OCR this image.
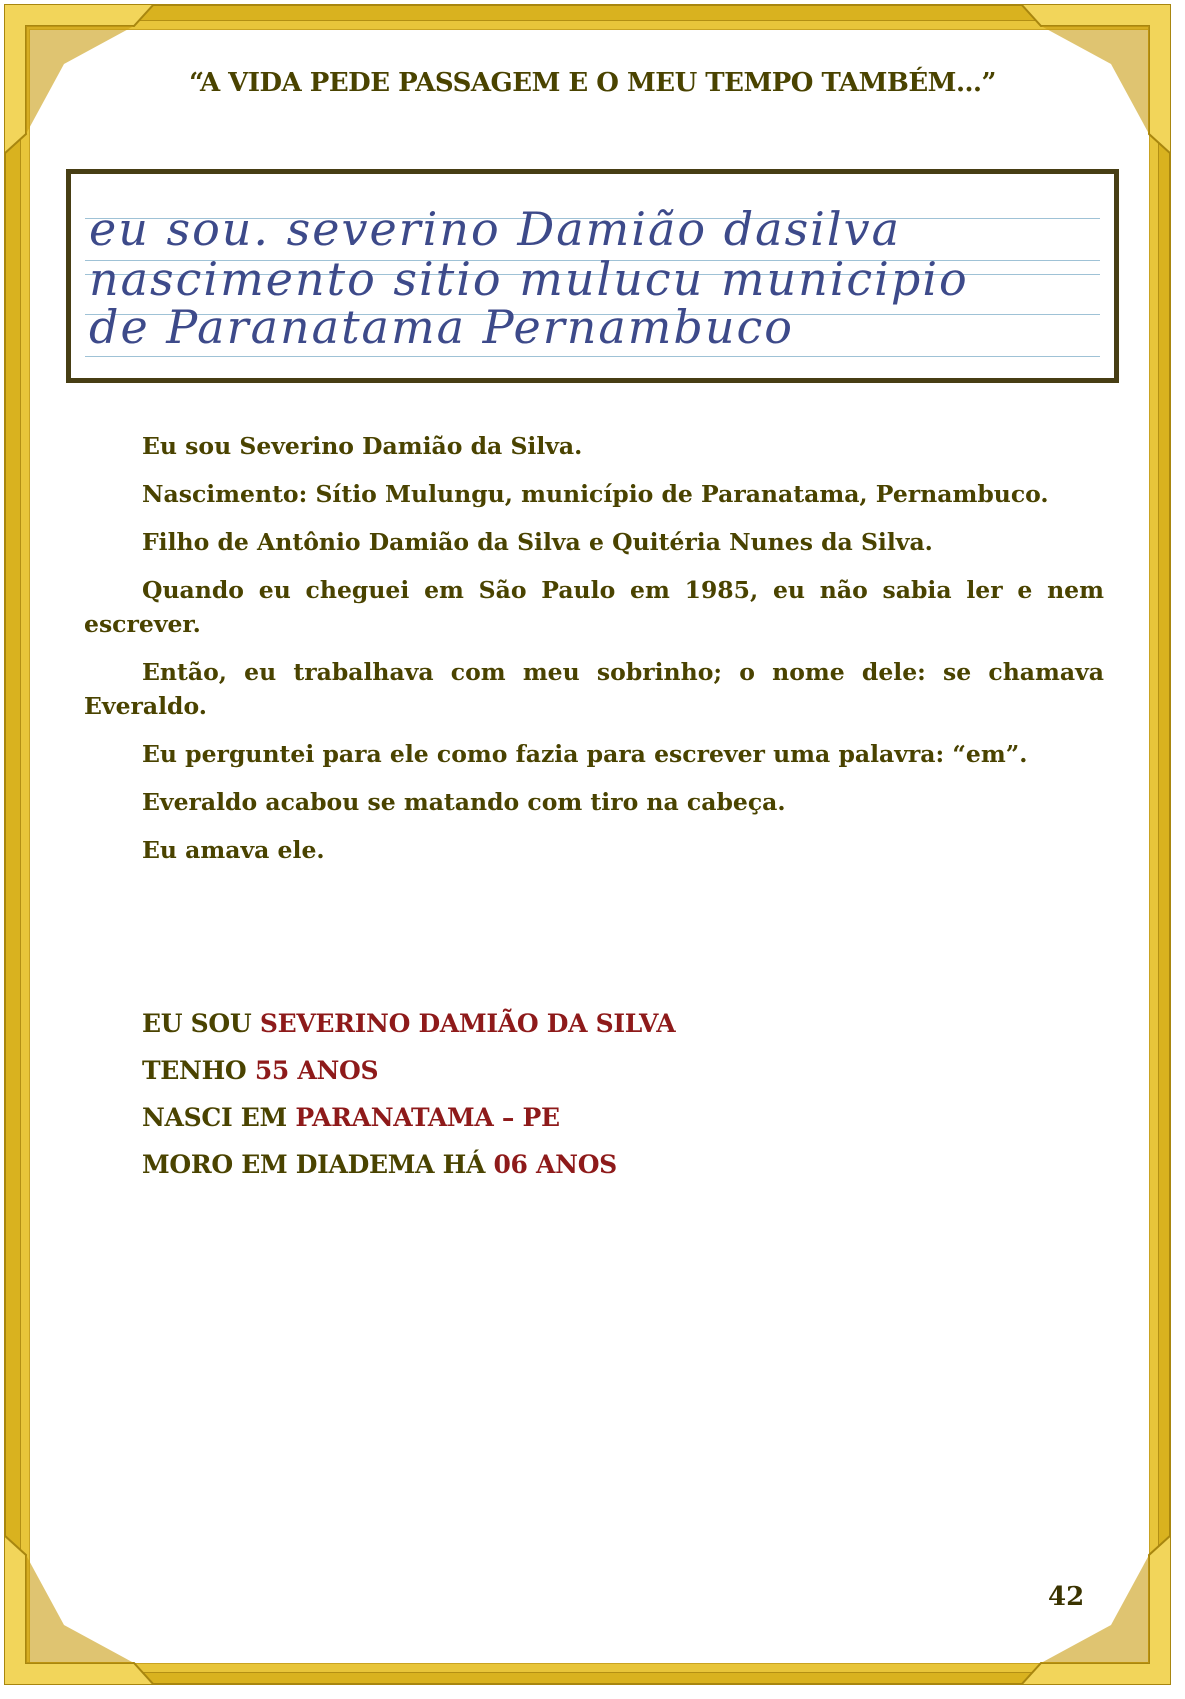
“A VIDA PEDE PASSAGEM E O MEU TEMPO TAMBÉM…”
eu sou. severino Damião dasilva
nascimento sitio mulucu municipio
de Paranatama Pernambuco

Eu sou Severino Damião da Silva.

Nascimento: Sítio Mulungu, município de Paranatama, Pernambuco.

Filho de Antônio Damião da Silva e Quitéria Nunes da Silva.

Quando eu cheguei em São Paulo em 1985, eu não sabia ler e nem escrever.

Então, eu trabalhava com meu sobrinho; o nome dele: se chamava Everaldo.

Eu perguntei para ele como fazia para escrever uma palavra: “em”.

Everaldo acabou se matando com tiro na cabeça.

Eu amava ele.

EU SOU SEVERINO DAMIÃO DA SILVA
TENHO 55 ANOS
NASCI EM PARANATAMA – PE
MORO EM DIADEMA HÁ 06 ANOS
42
